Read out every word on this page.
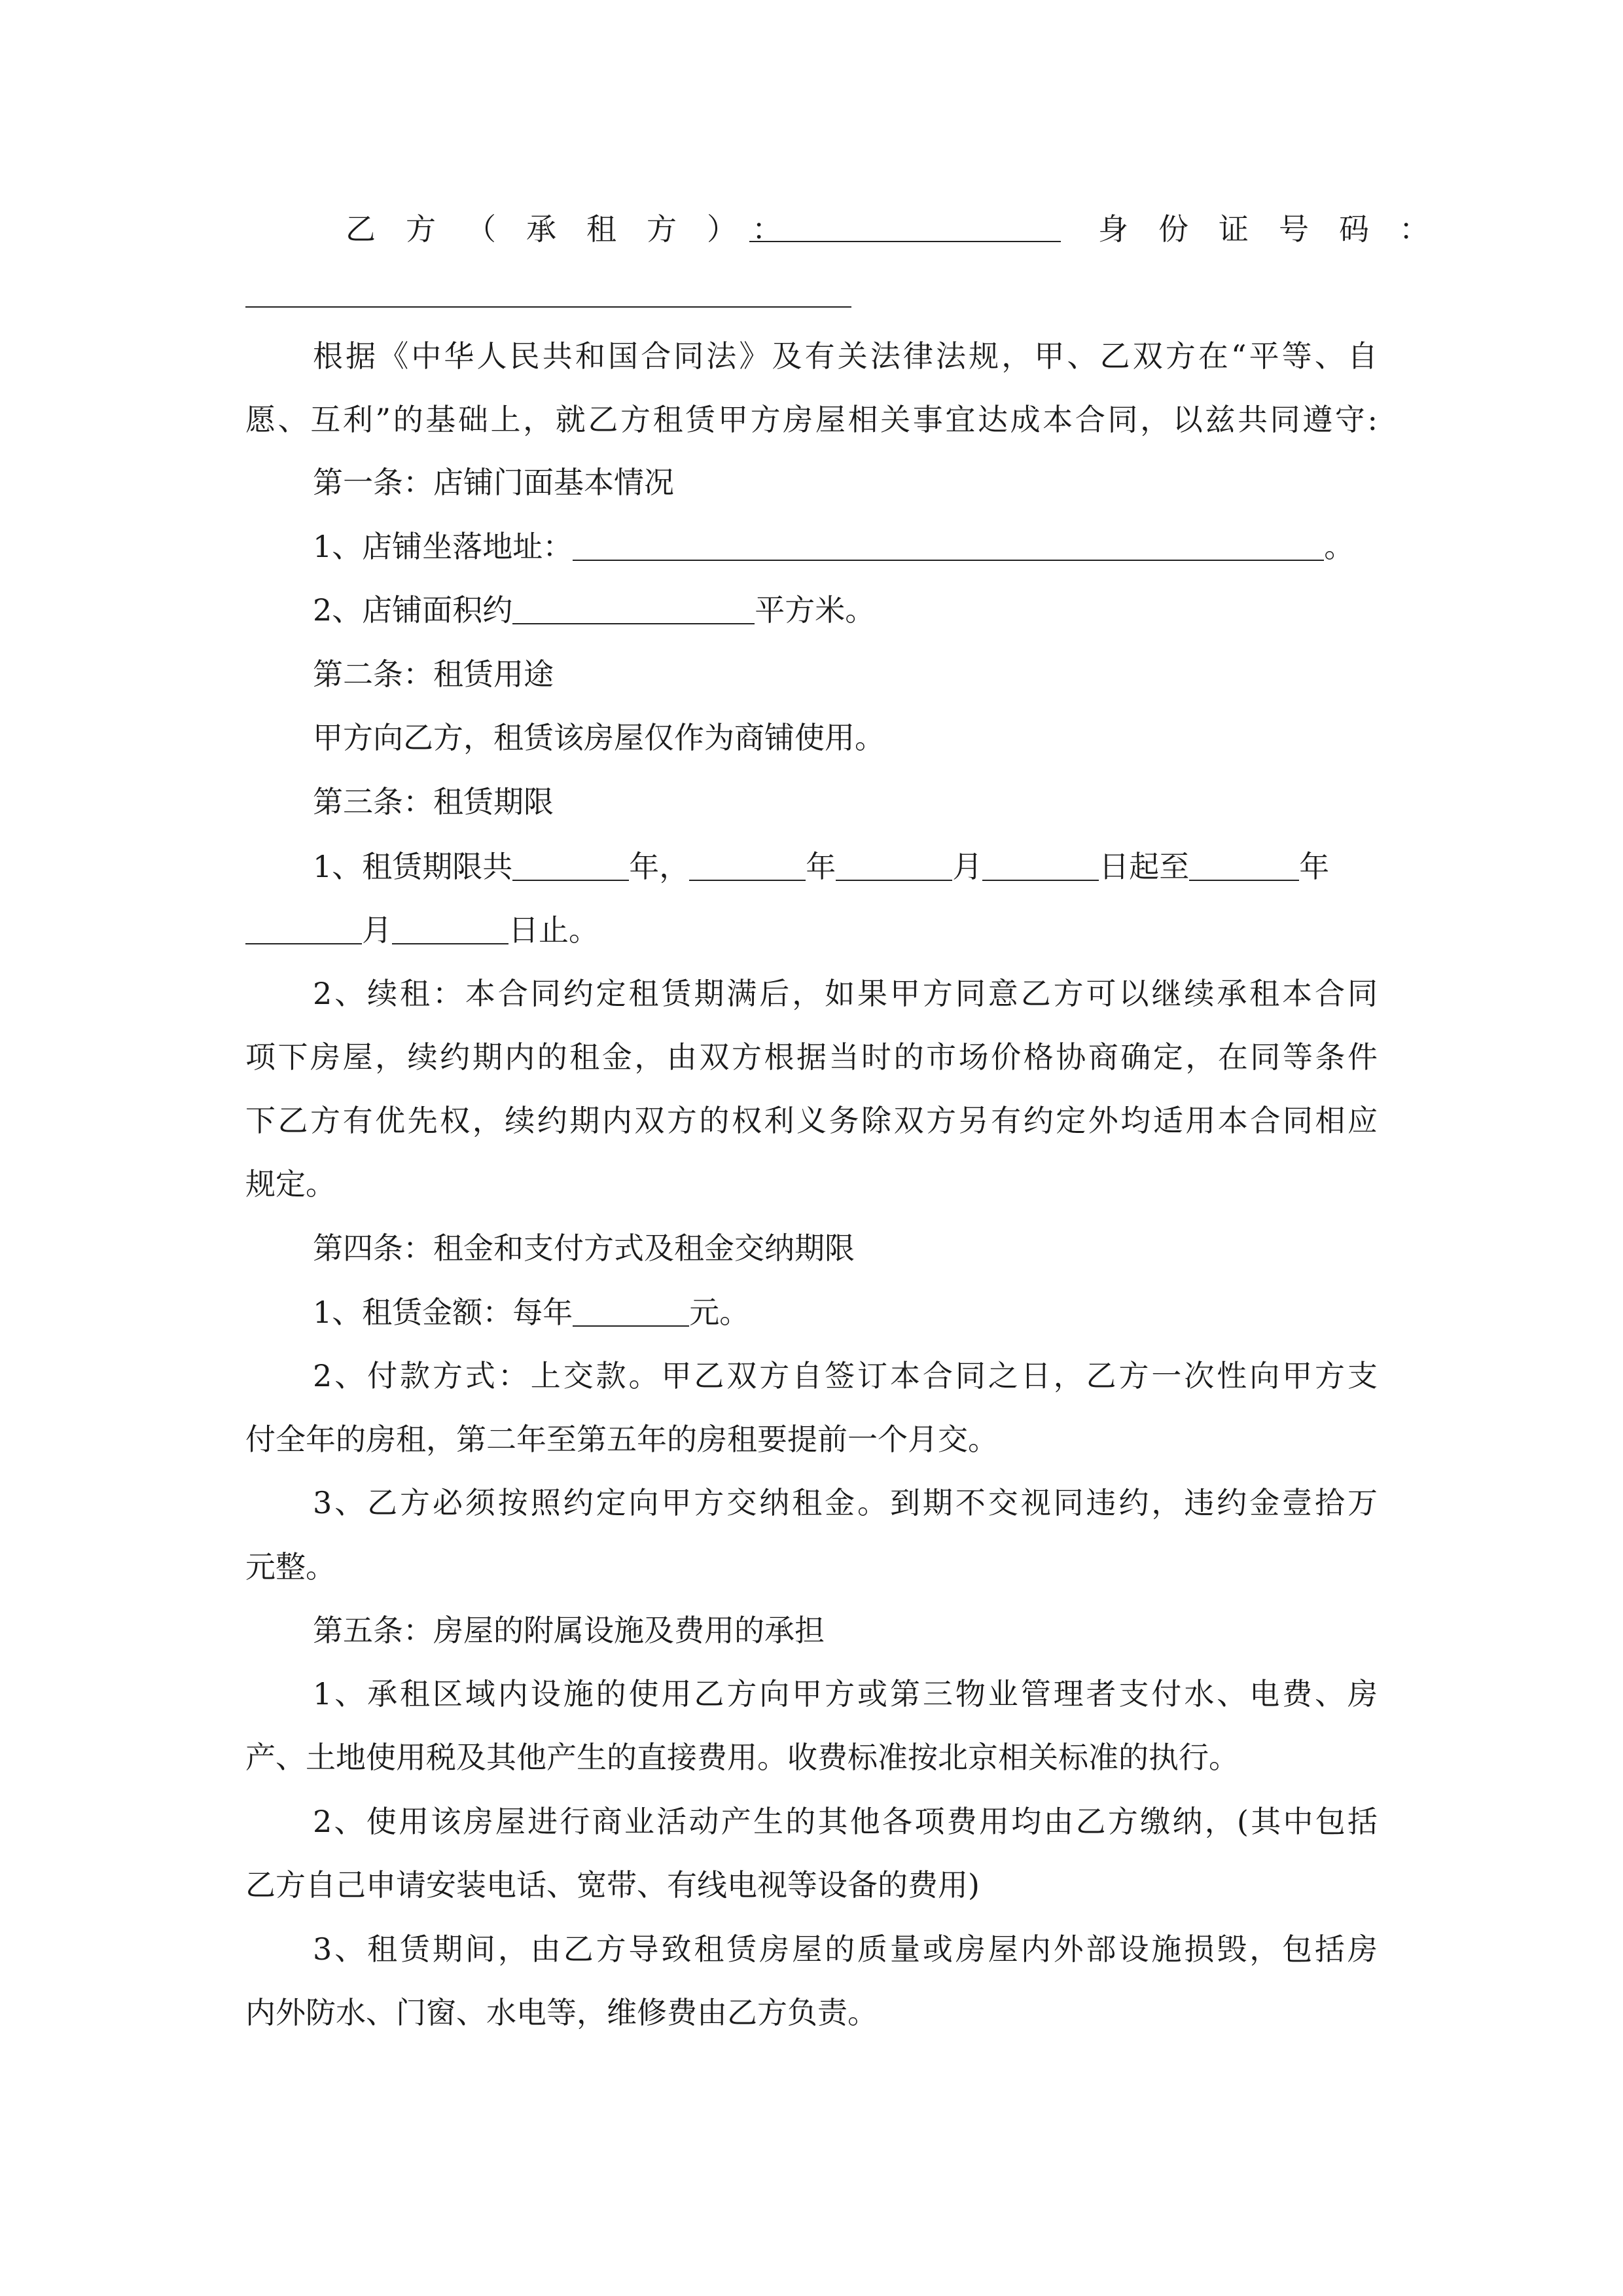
乙方（承租方）：	身份证号码：
根据《中华人民共和国合同法》及有关法律法规，甲、乙双方在“平等、自
愿、互利”的基础上，就乙方租赁甲方房屋相关事宜达成本合同，以兹共同遵守:
第一条：店铺门面基本情况
1、店铺坐落地址：	。
2、店铺面积约	平方米。
第二条：租赁用途
甲方向乙方，租赁该房屋仅作为商铺使用。
第三条：租赁期限
1、租赁期限共	年，	年	月	日起至	年
月	日止。
2、续租：本合同约定租赁期满后，如果甲方同意乙方可以继续承租本合同
项下房屋，续约期内的租金，由双方根据当时的市场价格协商确定，在同等条件
下乙方有优先权，续约期内双方的权利义务除双方另有约定外均适用本合同相应
规定。
第四条：租金和支付方式及租金交纳期限
1、租赁金额：每年	元。
2、付款方式：上交款。甲乙双方自签订本合同之日，乙方一次性向甲方支
付全年的房租，第二年至第五年的房租要提前一个月交。
3、乙方必须按照约定向甲方交纳租金。到期不交视同违约，违约金壹拾万
元整。
第五条：房屋的附属设施及费用的承担
1、承租区域内设施的使用乙方向甲方或第三物业管理者支付水、电费、房
产、土地使用税及其他产生的直接费用。收费标准按北京相关标准的执行。
2、使用该房屋进行商业活动产生的其他各项费用均由乙方缴纳，(其中包括
乙方自己申请安装电话、宽带、有线电视等设备的费用)
3、租赁期间，由乙方导致租赁房屋的质量或房屋内外部设施损毁，包括房
内外防水、门窗、水电等，维修费由乙方负责。
